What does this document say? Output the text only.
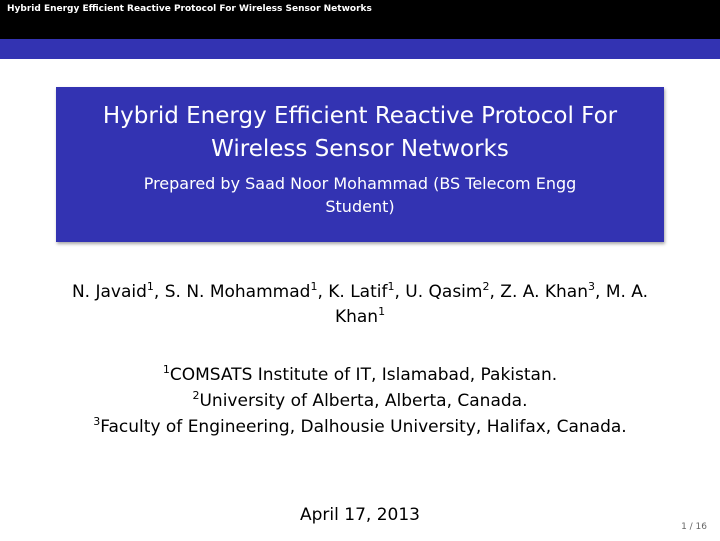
Hybrid Energy Efficient Reactive Protocol For Wireless Sensor Networks
Hybrid Energy Efficient Reactive Protocol For
Wireless Sensor Networks
Prepared by Saad Noor Mohammad (BS Telecom Engg
Student)
N. Javaid$^1$, S. N. Mohammad$^1$, K. Latif$^1$, U. Qasim$^2$, Z. A. Khan$^3$, M. A. Khan$^1$
$^1$COMSATS Institute of IT, Islamabad, Pakistan.
$^2$University of Alberta, Alberta, Canada.
$^3$Faculty of Engineering, Dalhousie University, Halifax, Canada.
April 17, 2013
1 / 16
